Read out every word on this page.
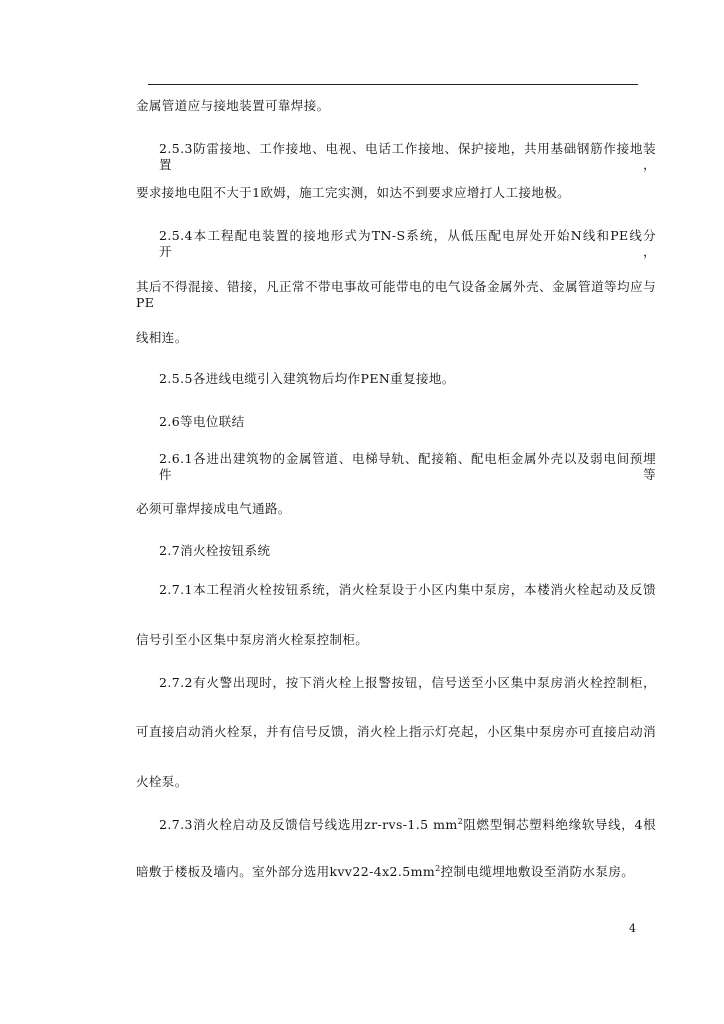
金属管道应与接地装置可靠焊接。
2.5.3防雷接地、工作接地、电视、电话工作接地、保护接地，共用基础钢筋作接地装置，
要求接地电阻不大于1欧姆，施工完实测，如达不到要求应增打人工接地极。
2.5.4本工程配电装置的接地形式为TN-S系统，从低压配电屏处开始N线和PE线分开，
其后不得混接、错接，凡正常不带电事故可能带电的电气设备金属外壳、金属管道等均应与PE
线相连。
2.5.5各进线电缆引入建筑物后均作PEN重复接地。
2.6等电位联结
2.6.1各进出建筑物的金属管道、电梯导轨、配接箱、配电柜金属外壳以及弱电间预埋件等
必须可靠焊接成电气通路。
2.7消火栓按钮系统
2.7.1本工程消火栓按钮系统，消火栓泵设于小区内集中泵房，本楼消火栓起动及反馈
信号引至小区集中泵房消火栓泵控制柜。
2.7.2有火警出现时，按下消火栓上报警按钮，信号送至小区集中泵房消火栓控制柜，
可直接启动消火栓泵，并有信号反馈，消火栓上指示灯亮起，小区集中泵房亦可直接启动消
火栓泵。
2.7.3消火栓启动及反馈信号线选用zr-rvs-1.5 $mm^2$阻燃型铜芯塑料绝缘软导线，4根
暗敷于楼板及墙内。室外部分选用$kvv22-4x2.5mm^2$控制电缆埋地敷设至消防水泵房。
4
